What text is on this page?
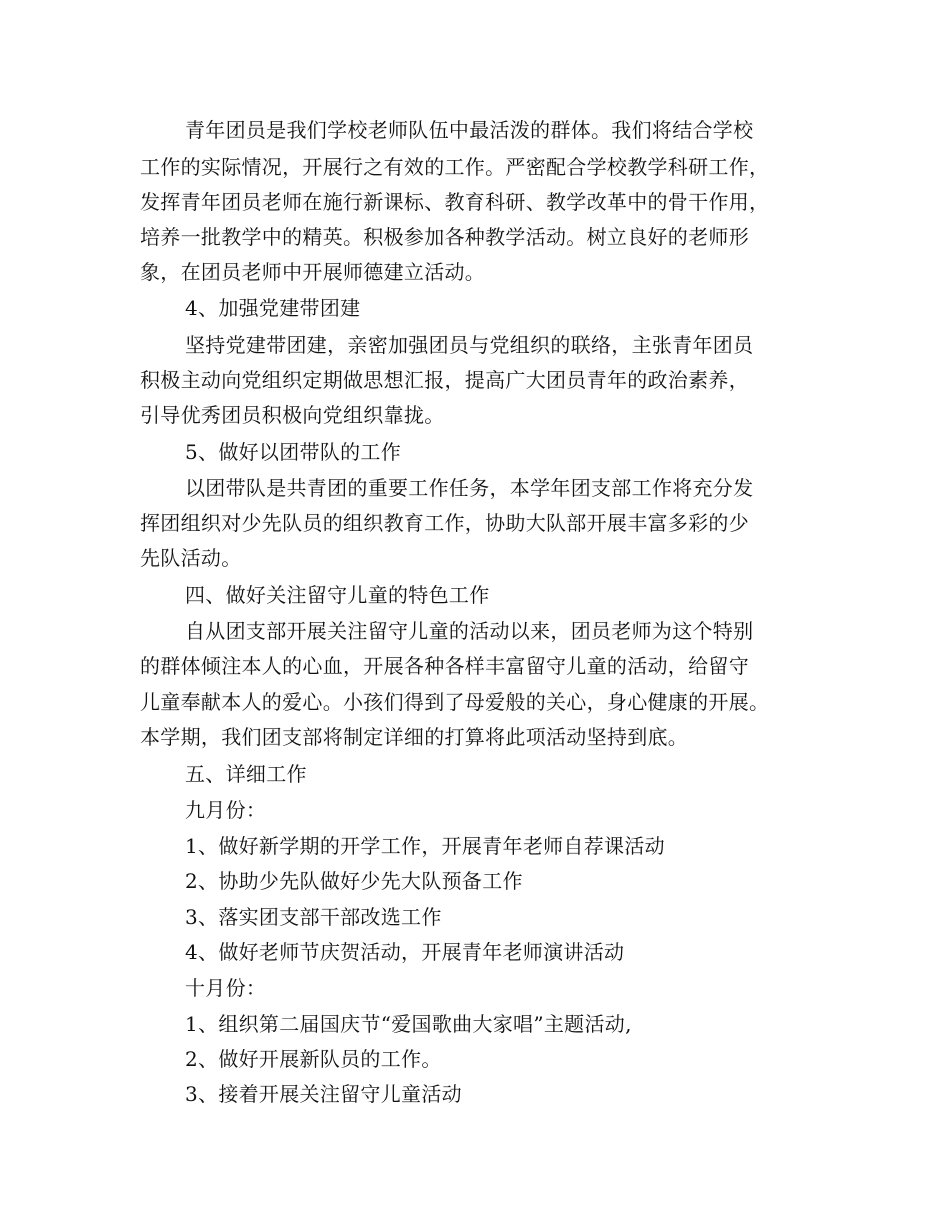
青年团员是我们学校老师队伍中最活泼的群体。我们将结合学校
工作的实际情况，开展行之有效的工作。严密配合学校教学科研工作，
发挥青年团员老师在施行新课标、教育科研、教学改革中的骨干作用，
培养一批教学中的精英。积极参加各种教学活动。树立良好的老师形
象，在团员老师中开展师德建立活动。
4、加强党建带团建
坚持党建带团建，亲密加强团员与党组织的联络，主张青年团员
积极主动向党组织定期做思想汇报，提高广大团员青年的政治素养，
引导优秀团员积极向党组织靠拢。
5、做好以团带队的工作
以团带队是共青团的重要工作任务，本学年团支部工作将充分发
挥团组织对少先队员的组织教育工作，协助大队部开展丰富多彩的少
先队活动。
四、做好关注留守儿童的特色工作
自从团支部开展关注留守儿童的活动以来，团员老师为这个特别
的群体倾注本人的心血，开展各种各样丰富留守儿童的活动，给留守
儿童奉献本人的爱心。小孩们得到了母爱般的关心，身心健康的开展。
本学期，我们团支部将制定详细的打算将此项活动坚持到底。
五、详细工作
九月份：
1、做好新学期的开学工作，开展青年老师自荐课活动
2、协助少先队做好少先大队预备工作
3、落实团支部干部改选工作
4、做好老师节庆贺活动，开展青年老师演讲活动
十月份：
1、组织第二届国庆节“爱国歌曲大家唱”主题活动,
2、做好开展新队员的工作。
3、接着开展关注留守儿童活动
